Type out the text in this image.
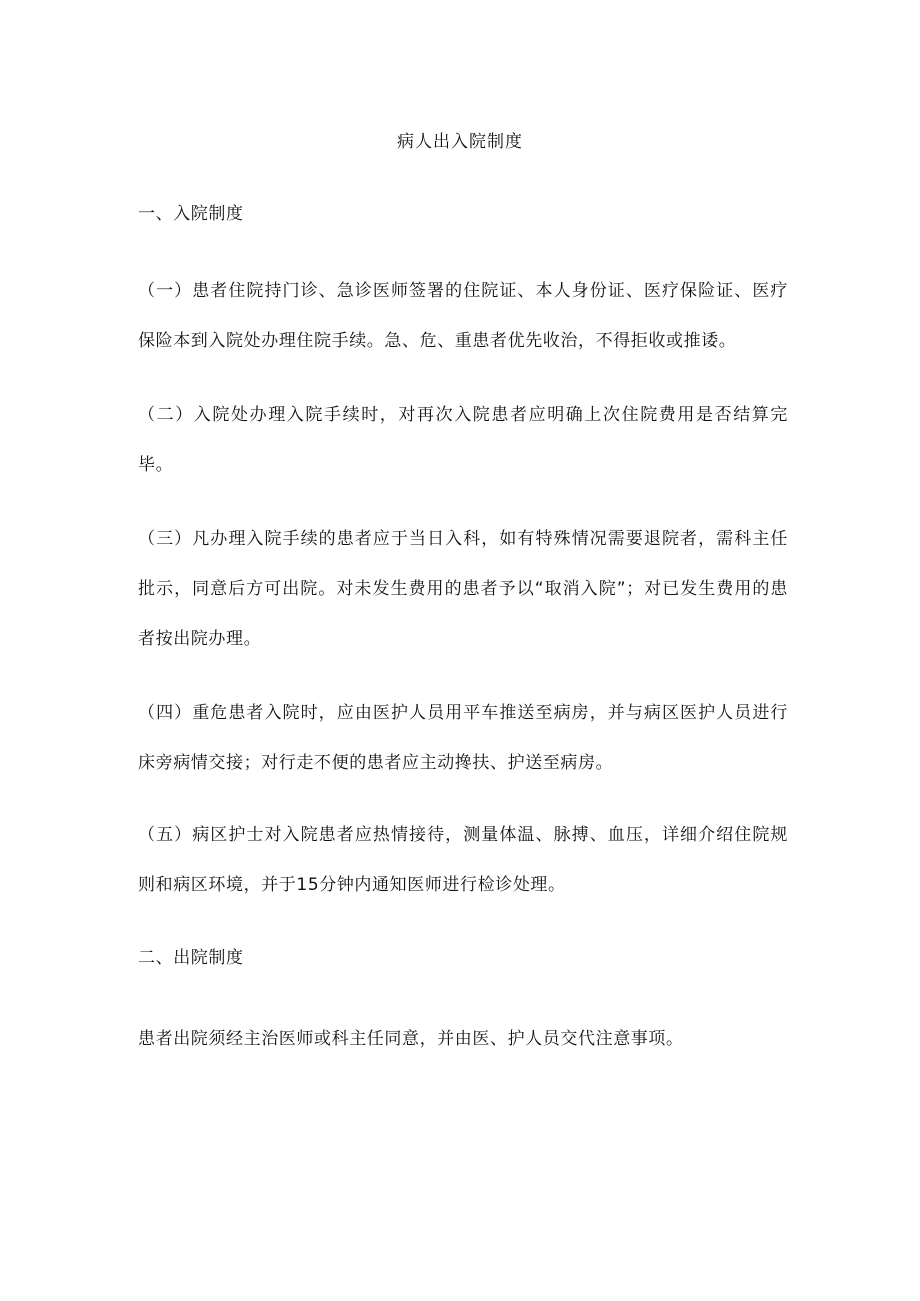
病人出入院制度
一、入院制度

（一）患者住院持门诊、急诊医师签署的住院证、本人身份证、医疗保险证、医疗保险本到入院处办理住院手续。急、危、重患者优先收治，不得拒收或推诿。

（二）入院处办理入院手续时，对再次入院患者应明确上次住院费用是否结算完毕。

（三）凡办理入院手续的患者应于当日入科，如有特殊情况需要退院者，需科主任批示，同意后方可出院。对未发生费用的患者予以“取消入院”；对已发生费用的患者按出院办理。

（四）重危患者入院时，应由医护人员用平车推送至病房，并与病区医护人员进行床旁病情交接；对行走不便的患者应主动搀扶、护送至病房。

（五）病区护士对入院患者应热情接待，测量体温、脉搏、血压，详细介绍住院规则和病区环境，并于15分钟内通知医师进行检诊处理。

二、出院制度
患者出院须经主治医师或科主任同意，并由医、护人员交代注意事项。
